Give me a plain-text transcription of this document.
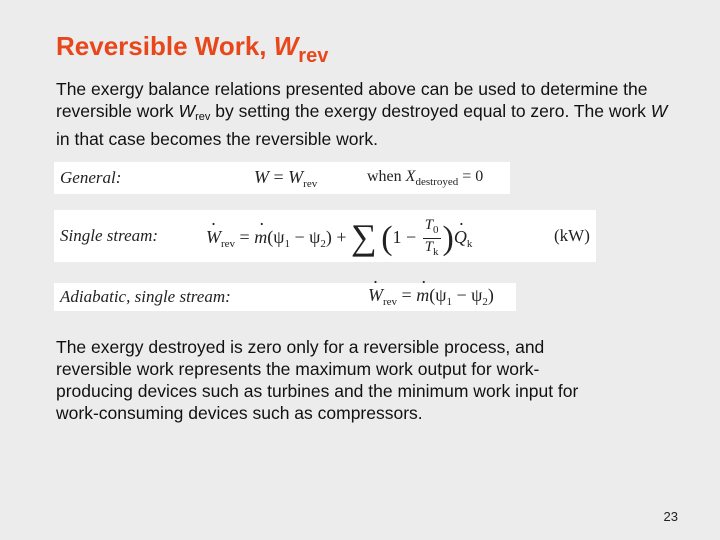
Reversible Work, $W_{rev}$
The exergy balance relations presented above can be used to determine the reversible work $W_{rev}$ by setting the exergy destroyed equal to zero. The work W in that case becomes the reversible work.
General:	$W = W_{rev}$	when $X_{destroyed} = 0$
Single stream:	· $W_{rev}$ = · $m(\psi_1 - \psi_2)$ + ∑ ($1 - \frac{T_0}{T_k}$ )· $Q_k$	(kW)
Adiabatic, single stream:	· $W_{rev}$ = · $m(\psi_1 - \psi_2)$
The exergy destroyed is zero only for a reversible process, and reversible work represents the maximum work output for work-producing devices such as turbines and the minimum work input for work-consuming devices such as compressors.
23
